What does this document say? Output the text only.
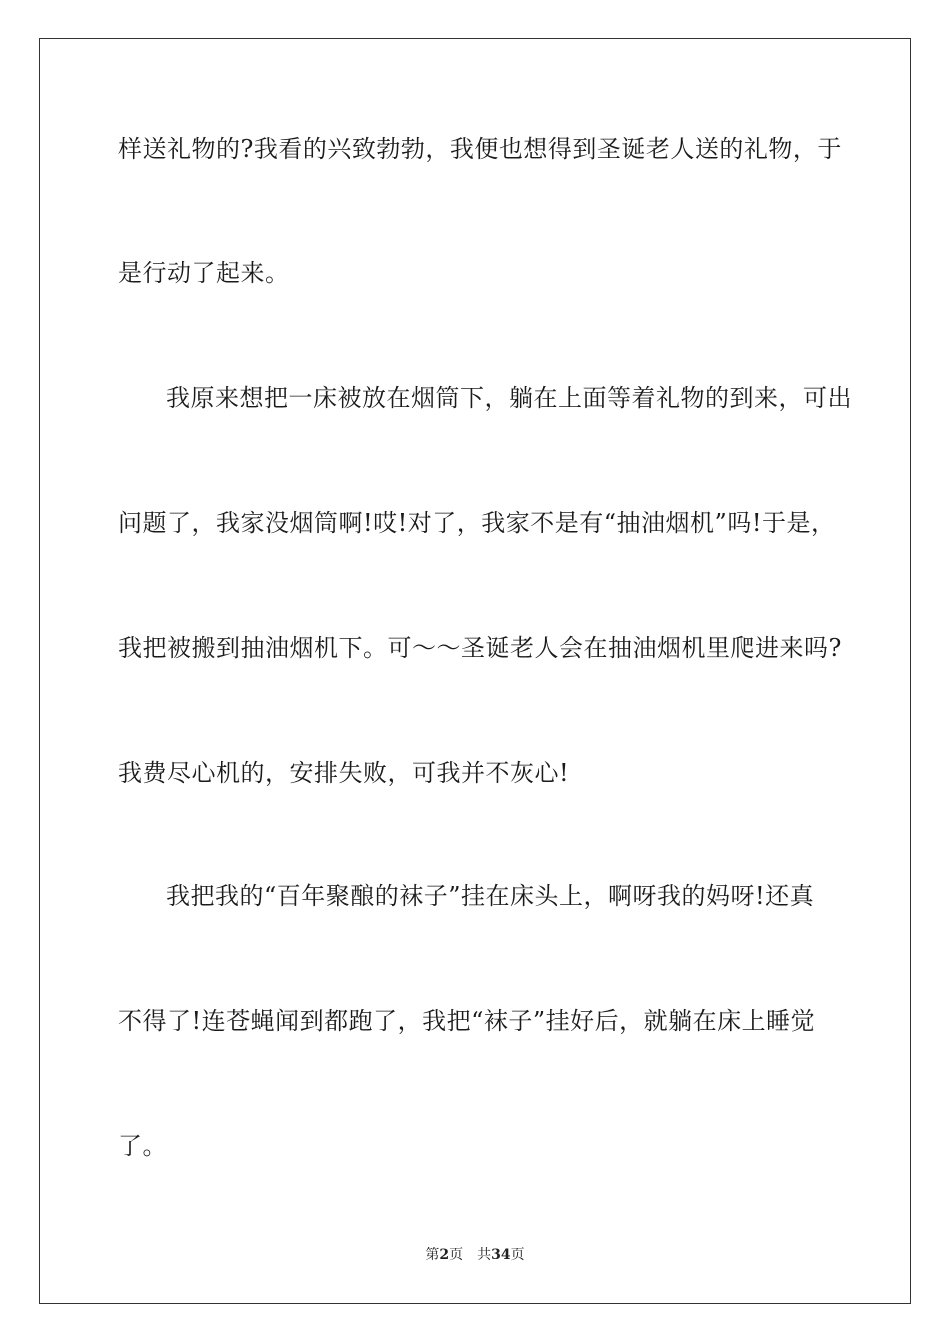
样送礼物的?我看的兴致勃勃，我便也想得到圣诞老人送的礼物，于
是行动了起来。
我原来想把一床被放在烟筒下，躺在上面等着礼物的到来，可出
问题了，我家没烟筒啊!哎!对了，我家不是有“抽油烟机”吗!于是，
我把被搬到抽油烟机下。可～～圣诞老人会在抽油烟机里爬进来吗?
我费尽心机的，安排失败，可我并不灰心!
我把我的“百年聚酿的袜子”挂在床头上，啊呀我的妈呀!还真
不得了!连苍蝇闻到都跑了，我把“袜子”挂好后，就躺在床上睡觉
了。
第2页 共34页
